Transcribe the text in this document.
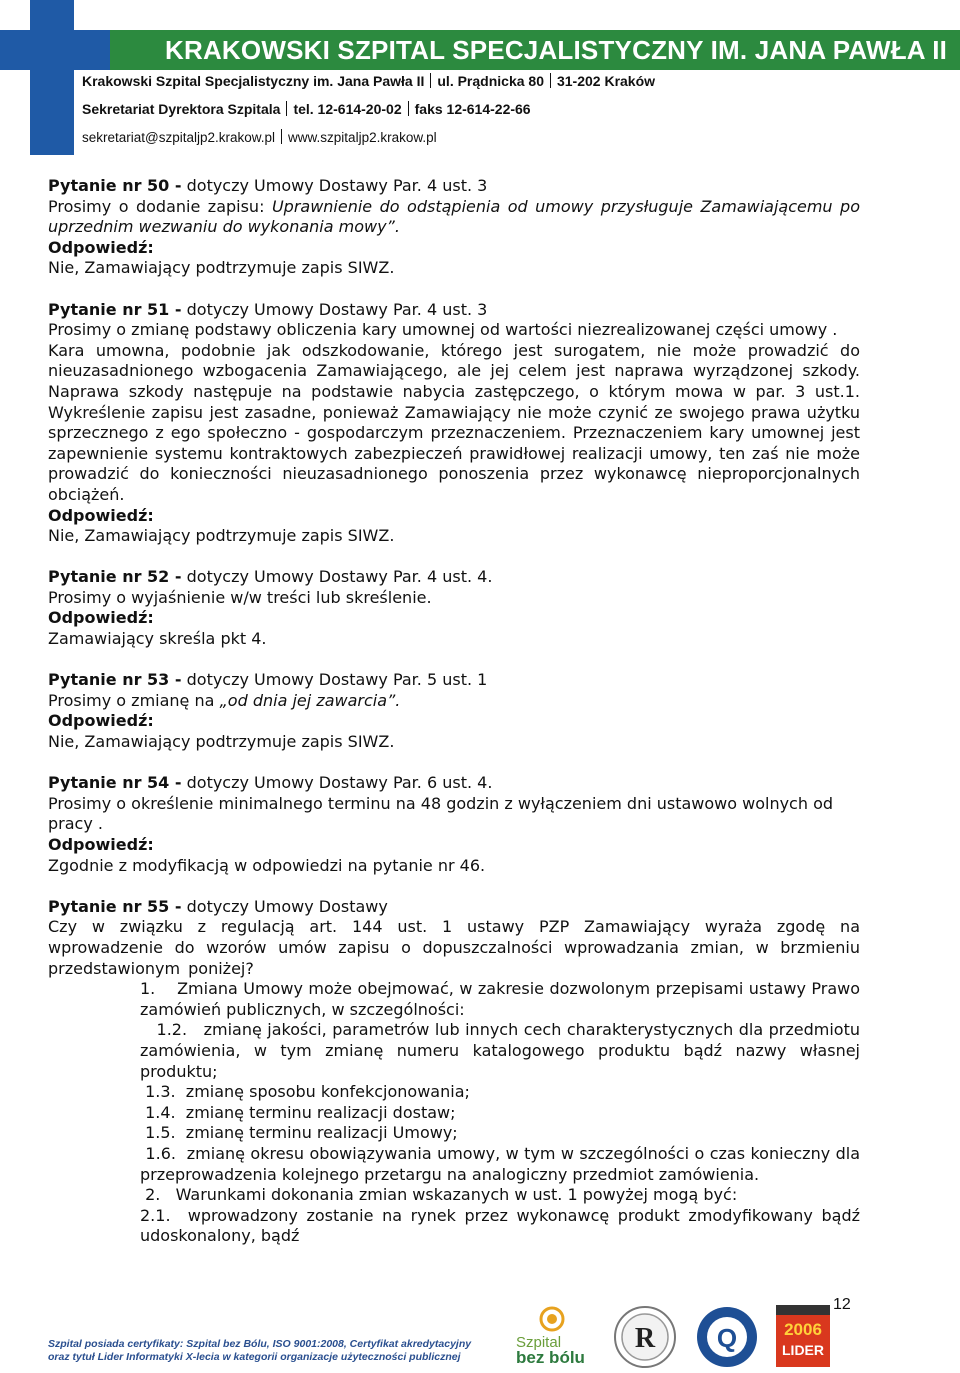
KRAKOWSKI SZPITAL SPECJALISTYCZNY IM. JANA PAWŁA II
Krakowski Szpital Specjalistyczny im. Jana Pawła II ul. Prądnicka 80 31-202 Kraków
Sekretariat Dyrektora Szpitala tel. 12-614-20-02 faks 12-614-22-66
sekretariat@szpitaljp2.krakow.pl www.szpitaljp2.krakow.pl

Pytanie nr 50 - dotyczy Umowy Dostawy Par. 4 ust. 3

Prosimy o dodanie zapisu: Uprawnienie do odstąpienia od umowy przysługuje Zamawiającemu po uprzednim wezwaniu do wykonania mowy”.

Odpowiedź:

Nie, Zamawiający podtrzymuje zapis SIWZ.

Pytanie nr 51 - dotyczy Umowy Dostawy Par. 4 ust. 3

Prosimy o zmianę podstawy obliczenia kary umownej od wartości niezrealizowanej części umowy .

Kara umowna, podobnie jak odszkodowanie, którego jest surogatem, nie może prowadzić do nieuzasadnionego wzbogacenia Zamawiającego, ale jej celem jest naprawa wyrządzonej szkody. Naprawa szkody następuje na podstawie nabycia zastępczego, o którym mowa w par. 3 ust.1. Wykreślenie zapisu jest zasadne, ponieważ Zamawiający nie może czynić ze swojego prawa użytku sprzecznego z ego społeczno - gospodarczym przeznaczeniem. Przeznaczeniem kary umownej jest zapewnienie systemu kontraktowych zabezpieczeń prawidłowej realizacji umowy, ten zaś nie może prowadzić do konieczności nieuzasadnionego ponoszenia przez wykonawcę nieproporcjonalnych obciążeń.

Odpowiedź:

Nie, Zamawiający podtrzymuje zapis SIWZ.

Pytanie nr 52 - dotyczy Umowy Dostawy Par. 4 ust. 4.

Prosimy o wyjaśnienie w/w treści lub skreślenie.

Odpowiedź:

Zamawiający skreśla pkt 4.

Pytanie nr 53 - dotyczy Umowy Dostawy Par. 5 ust. 1

Prosimy o zmianę na „od dnia jej zawarcia”.

Odpowiedź:

Nie, Zamawiający podtrzymuje zapis SIWZ.

Pytanie nr 54 - dotyczy Umowy Dostawy Par. 6 ust. 4.

Prosimy o określenie minimalnego terminu na 48 godzin z wyłączeniem dni ustawowo wolnych od pracy .

Odpowiedź:

Zgodnie z modyfikacją w odpowiedzi na pytanie nr 46.

Pytanie nr 55 - dotyczy Umowy Dostawy

Czy w związku z regulacją art. 144 ust. 1 ustawy PZP Zamawiający wyraża zgodę na wprowadzenie do wzorów umów zapisu o dopuszczalności wprowadzania zmian, w brzmieniu przedstawionym poniżej?

1.    Zmiana Umowy może obejmować, w zakresie dozwolonym przepisami ustawy Prawo  zamówień publicznych, w szczególności:

1.2.   zmianę jakości, parametrów lub innych cech charakterystycznych dla przedmiotu zamówienia, w tym zmianę numeru katalogowego produktu bądź nazwy własnej produktu;

1.3.  zmianę sposobu konfekcjonowania;

1.4.  zmianę terminu realizacji dostaw;

1.5.  zmianę terminu realizacji Umowy;

1.6.  zmianę okresu obowiązywania umowy, w tym w szczególności o czas konieczny dla  przeprowadzenia kolejnego przetargu na analogiczny przedmiot zamówienia.

2.   Warunkami dokonania zmian wskazanych w ust. 1 powyżej mogą być:

2.1.  wprowadzony zostanie na rynek przez wykonawcę produkt zmodyfikowany bądź  udoskonalony, bądź

12
Szpital posiada certyfikaty: Szpital bez Bólu, ISO 9001:2008, Certyfikat akredytacyjny
oraz tytuł Lider Informatyki X-lecia w kategorii organizacje użyteczności publicznej
Szpital
bez bólu
R Q	2006
LIDER
